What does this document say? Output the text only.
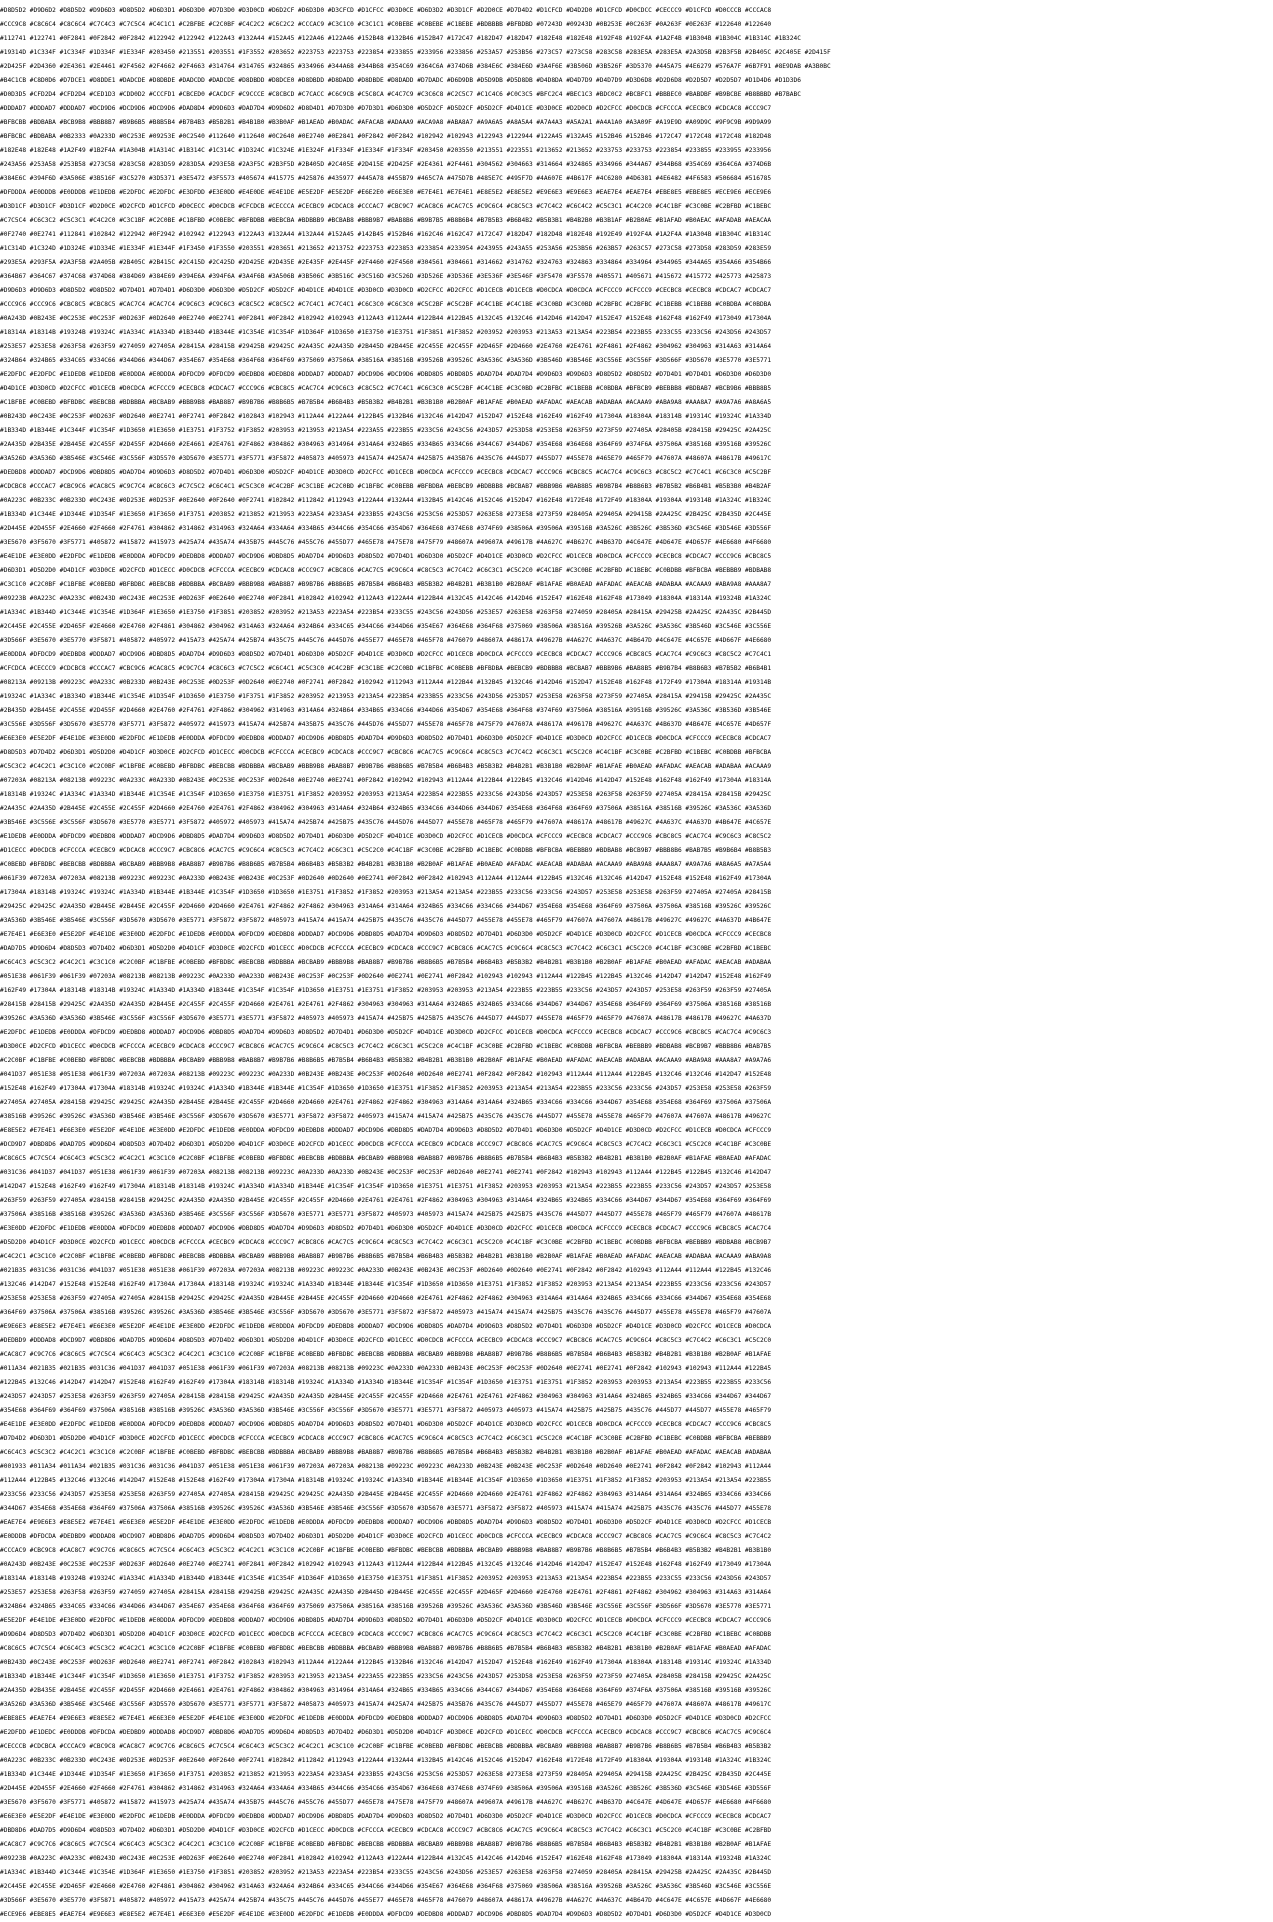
#D8D5D2 #D9D6D2 #D8D5D2 #D9D6D3 #D8D5D2 #D6D3D1 #D6D3D0 #D7D3D0 #D3D0CD #D6D2CF #D6D3D0 #D3CFCD #D1CFCC #D3D0CE #D6D3D2 #D3D1CF #D2D0CE #D7D4D2 #D1CFCD #D4D2D0 #D1CFCD #D0CDCC #CECCC9 #D1CFCD #D0CCCB #CCCAC8
#CCC9C8 #C8C6C4 #C8C6C4 #C7C4C3 #C7C5C4 #C4C1C1 #C2BFBE #C2C0BF #C4C2C2 #C6C2C2 #CCCAC9 #C3C1C0 #C3C1C1 #C0BEBE #C0BEBE #C1BEBE #BDBBBB #BFBDBD #07243D #09243D #0B253E #0C263F #0A263F #0E263F #122640 #122640
#112741 #122741 #0F2841 #0F2842 #0F2842 #122942 #122942 #122A43 #132A44 #152A45 #122A46 #122A46 #152B48 #132B46 #152B47 #172C47 #182D47 #182D47 #182E48 #182E48 #192F48 #192F4A #1A2F4B #1B304B #1B304C #1B314C #1B324C
#19314D #1C334F #1C334F #1D334F #1E334F #203450 #213551 #203551 #1F3552 #203652 #223753 #223753 #223854 #233855 #233956 #233856 #253A57 #253B56 #273C57 #273C58 #283C58 #283E5A #283E5A #2A3D5B #2B3F5B #2B405C #2C405E #2D415F
#2D425F #2D4360 #2E4361 #2E4461 #2F4562 #2F4662 #2F4663 #314764 #314765 #324865 #334966 #344A68 #344B68 #354C69 #364C6A #374D6B #384E6C #384E6D #3A4F6E #3B506D #3B526F #3D5370 #445A75 #4E6279 #576A7F #6B7F91 #8E9DAB #A3B0BC
#B4C1CB #C8D0D6 #D7DCE1 #D8DDE1 #DADCDE #D8DBDE #DADCDD #DADCDE #D8DBDD #D8DCE0 #D8DBDD #D8DADD #D8DBDE #D8DADD #D7DADC #D6D9DB #D5D9DB #D5D8DB #D4D8DA #D4D7D9 #D4D7D9 #D3D6D8 #D2D6D8 #D2D5D7 #D2D5D7 #D1D4D6 #D1D3D6
#D0D3D5 #CFD2D4 #CFD2D4 #CED1D3 #CDD0D2 #CCCFD1 #CBCED0 #CACDCF #C9CCCE #C8CBCD #C7CACC #C6C9CB #C5C8CA #C4C7C9 #C3C6C8 #C2C5C7 #C1C4C6 #C0C3C5 #BFC2C4 #BEC1C3 #BDC0C2 #BCBFC1 #BBBEC0 #BABDBF #B9BCBE #B8BBBD #B7BABC
#DDDAD7 #DDDAD7 #DDDAD7 #DCD9D6 #DCD9D6 #DCD9D6 #DAD8D4 #D9D6D3 #DAD7D4 #D9D6D2 #D8D4D1 #D7D3D0 #D7D3D1 #D6D3D0 #D5D2CF #D5D2CF #D5D2CF #D4D1CE #D3D0CE #D2D0CD #D2CFCC #D0CDCB #CFCCCA #CECBC9 #CDCAC8 #CCC9C7
#BFBCBB #BDBABA #BCB9B8 #BBB8B7 #B9B6B5 #B8B5B4 #B7B4B3 #B5B2B1 #B4B1B0 #B3B0AF #B1AEAD #B0ADAC #AFACAB #ADAAA9 #ACA9A8 #ABA8A7 #A9A6A5 #A8A5A4 #A7A4A3 #A5A2A1 #A4A1A0 #A3A09F #A19E9D #A09D9C #9F9C9B #9D9A99
#BFBCBC #BDBABA #0B2333 #0A233D #0C253E #09253E #0C2540 #112640 #112640 #0C2640 #0E2740 #0E2841 #0F2842 #0F2842 #102942 #102943 #122943 #122944 #122A45 #132A45 #152B46 #152B46 #172C47 #172C48 #172C48 #182D48
#182E48 #182E48 #1A2F49 #1B2F4A #1A304B #1A314C #1B314C #1C314C #1D324C #1C324E #1E324F #1F334F #1E334F #1F334F #203450 #203550 #213551 #223551 #213652 #213652 #233753 #233753 #223854 #233855 #233955 #233956
#243A56 #253A58 #253B58 #273C58 #283C58 #283D59 #283D5A #293E5B #2A3F5C #2B3F5D #2B405D #2C405E #2D415E #2D425F #2E4361 #2F4461 #304562 #304663 #314664 #324865 #334966 #344A67 #344B68 #354C69 #364C6A #374D6B
#384E6C #394F6D #3A506E #3B516F #3C5270 #3D5371 #3E5472 #3F5573 #405674 #415775 #425876 #435977 #445A78 #455B79 #465C7A #475D7B #485E7C #495F7D #4A607E #4B617F #4C6280 #4D6381 #4E6482 #4F6583 #506684 #516785
#DFDDDA #E0DDDB #E0DDDB #E1DEDB #E2DFDC #E2DFDC #E3DFDD #E3E0DD #E4E0DE #E4E1DE #E5E2DF #E5E2DF #E6E2E0 #E6E3E0 #E7E4E1 #E7E4E1 #E8E5E2 #E8E5E2 #E9E6E3 #E9E6E3 #EAE7E4 #EAE7E4 #EBE8E5 #EBE8E5 #ECE9E6 #ECE9E6
#D3D1CF #D3D1CF #D3D1CF #D2D0CE #D2CFCD #D1CFCD #D0CECC #D0CDCB #CFCDCB #CECCCA #CECBC9 #CDCAC8 #CCCAC7 #CBC9C7 #CAC8C6 #CAC7C5 #C9C6C4 #C8C5C3 #C7C4C2 #C6C4C2 #C5C3C1 #C4C2C0 #C4C1BF #C3C0BE #C2BFBD #C1BEBC
#C7C5C4 #C6C3C2 #C5C3C1 #C4C2C0 #C3C1BF #C2C0BE #C1BFBD #C0BEBC #BFBDBB #BEBCBA #BDBBB9 #BCBAB8 #BBB9B7 #BAB8B6 #B9B7B5 #B8B6B4 #B7B5B3 #B6B4B2 #B5B3B1 #B4B2B0 #B3B1AF #B2B0AE #B1AFAD #B0AEAC #AFADAB #AEACAA
#0F2740 #0E2741 #112841 #102842 #122942 #0F2942 #102942 #122943 #122A43 #132A44 #132A44 #152A45 #142B45 #152B46 #162C46 #162C47 #172C47 #182D47 #182D48 #182E48 #192E49 #192F4A #1A2F4A #1A304B #1B304C #1B314C
#1C314D #1C324D #1D324E #1D334E #1E334F #1E344F #1F3450 #1F3550 #203551 #203651 #213652 #213752 #223753 #223853 #233854 #233954 #243955 #243A55 #253A56 #253B56 #263B57 #263C57 #273C58 #273D58 #283D59 #283E59
#293E5A #293F5A #2A3F5B #2A405B #2B405C #2B415C #2C415D #2C425D #2D425E #2D435E #2E435F #2E445F #2F4460 #2F4560 #304561 #304661 #314662 #314762 #324763 #324863 #334864 #334964 #344965 #344A65 #354A66 #354B66
#364B67 #364C67 #374C68 #374D68 #384D69 #384E69 #394E6A #394F6A #3A4F6B #3A506B #3B506C #3B516C #3C516D #3C526D #3D526E #3D536E #3E536F #3E546F #3F5470 #3F5570 #405571 #405671 #415672 #415772 #425773 #425873
#D9D6D3 #D9D6D3 #D8D5D2 #D8D5D2 #D7D4D1 #D7D4D1 #D6D3D0 #D6D3D0 #D5D2CF #D5D2CF #D4D1CE #D4D1CE #D3D0CD #D3D0CD #D2CFCC #D2CFCC #D1CECB #D1CECB #D0CDCA #D0CDCA #CFCCC9 #CFCCC9 #CECBC8 #CECBC8 #CDCAC7 #CDCAC7
#CCC9C6 #CCC9C6 #CBC8C5 #CBC8C5 #CAC7C4 #CAC7C4 #C9C6C3 #C9C6C3 #C8C5C2 #C8C5C2 #C7C4C1 #C7C4C1 #C6C3C0 #C6C3C0 #C5C2BF #C5C2BF #C4C1BE #C4C1BE #C3C0BD #C3C0BD #C2BFBC #C2BFBC #C1BEBB #C1BEBB #C0BDBA #C0BDBA
#0A243D #0B243E #0C253E #0C253F #0D263F #0D2640 #0E2740 #0E2741 #0F2841 #0F2842 #102942 #102943 #112A43 #112A44 #122B44 #122B45 #132C45 #132C46 #142D46 #142D47 #152E47 #152E48 #162F48 #162F49 #173049 #17304A
#18314A #18314B #19324B #19324C #1A334C #1A334D #1B344D #1B344E #1C354E #1C354F #1D364F #1D3650 #1E3750 #1E3751 #1F3851 #1F3852 #203952 #203953 #213A53 #213A54 #223B54 #223B55 #233C55 #233C56 #243D56 #243D57
#253E57 #253E58 #263F58 #263F59 #274059 #27405A #28415A #28415B #29425B #29425C #2A435C #2A435D #2B445D #2B445E #2C455E #2C455F #2D465F #2D4660 #2E4760 #2E4761 #2F4861 #2F4862 #304962 #304963 #314A63 #314A64
#324B64 #324B65 #334C65 #334C66 #344D66 #344D67 #354E67 #354E68 #364F68 #364F69 #375069 #37506A #38516A #38516B #39526B #39526C #3A536C #3A536D #3B546D #3B546E #3C556E #3C556F #3D566F #3D5670 #3E5770 #3E5771
#E2DFDC #E2DFDC #E1DEDB #E1DEDB #E0DDDA #E0DDDA #DFDCD9 #DFDCD9 #DEDBD8 #DEDBD8 #DDDAD7 #DDDAD7 #DCD9D6 #DCD9D6 #DBD8D5 #DBD8D5 #DAD7D4 #DAD7D4 #D9D6D3 #D9D6D3 #D8D5D2 #D8D5D2 #D7D4D1 #D7D4D1 #D6D3D0 #D6D3D0
#D4D1CE #D3D0CD #D2CFCC #D1CECB #D0CDCA #CFCCC9 #CECBC8 #CDCAC7 #CCC9C6 #CBC8C5 #CAC7C4 #C9C6C3 #C8C5C2 #C7C4C1 #C6C3C0 #C5C2BF #C4C1BE #C3C0BD #C2BFBC #C1BEBB #C0BDBA #BFBCB9 #BEBBB8 #BDBAB7 #BCB9B6 #BBB8B5
#C1BFBE #C0BEBD #BFBDBC #BEBCBB #BDBBBA #BCBAB9 #BBB9B8 #BAB8B7 #B9B7B6 #B8B6B5 #B7B5B4 #B6B4B3 #B5B3B2 #B4B2B1 #B3B1B0 #B2B0AF #B1AFAE #B0AEAD #AFADAC #AEACAB #ADABAA #ACAAA9 #ABA9A8 #AAA8A7 #A9A7A6 #A8A6A5
#0B243D #0C243E #0C253F #0D263F #0D2640 #0E2741 #0F2741 #0F2842 #102843 #102943 #112A44 #122A44 #122B45 #132B46 #132C46 #142D47 #152D47 #152E48 #162E49 #162F49 #17304A #18304A #18314B #19314C #19324C #1A334D
#1B334D #1B344E #1C344F #1C354F #1D3650 #1E3650 #1E3751 #1F3752 #1F3852 #203953 #213953 #213A54 #223A55 #223B55 #233C56 #243C56 #243D57 #253D58 #253E58 #263F59 #273F59 #27405A #28405B #28415B #29425C #2A425C
#2A435D #2B435E #2B445E #2C455F #2D455F #2D4660 #2E4661 #2E4761 #2F4862 #304862 #304963 #314964 #314A64 #324B65 #334B65 #334C66 #344C67 #344D67 #354E68 #364E68 #364F69 #374F6A #37506A #38516B #39516B #39526C
#3A526D #3A536D #3B546E #3C546E #3C556F #3D5570 #3D5670 #3E5771 #3F5771 #3F5872 #405873 #405973 #415A74 #425A74 #425B75 #435B76 #435C76 #445D77 #455D77 #455E78 #465E79 #465F79 #47607A #48607A #48617B #49617C
#DEDBD8 #DDDAD7 #DCD9D6 #DBD8D5 #DAD7D4 #D9D6D3 #D8D5D2 #D7D4D1 #D6D3D0 #D5D2CF #D4D1CE #D3D0CD #D2CFCC #D1CECB #D0CDCA #CFCCC9 #CECBC8 #CDCAC7 #CCC9C6 #CBC8C5 #CAC7C4 #C9C6C3 #C8C5C2 #C7C4C1 #C6C3C0 #C5C2BF
#CDCBC8 #CCCAC7 #CBC9C6 #CAC8C5 #C9C7C4 #C8C6C3 #C7C5C2 #C6C4C1 #C5C3C0 #C4C2BF #C3C1BE #C2C0BD #C1BFBC #C0BEBB #BFBDBA #BEBCB9 #BDBBB8 #BCBAB7 #BBB9B6 #BAB8B5 #B9B7B4 #B8B6B3 #B7B5B2 #B6B4B1 #B5B3B0 #B4B2AF
#0A223C #0B233C #0B233D #0C243E #0D253E #0D253F #0E2640 #0F2640 #0F2741 #102842 #112842 #112943 #122A44 #132A44 #132B45 #142C46 #152C46 #152D47 #162E48 #172E48 #172F49 #18304A #19304A #19314B #1A324C #1B324C
#1B334D #1C344E #1D344E #1D354F #1E3650 #1F3650 #1F3751 #203852 #213852 #213953 #223A54 #233A54 #233B55 #243C56 #253C56 #253D57 #263E58 #273E58 #273F59 #28405A #29405A #29415B #2A425C #2B425C #2B435D #2C445E
#2D445E #2D455F #2E4660 #2F4660 #2F4761 #304862 #314862 #314963 #324A64 #334A64 #334B65 #344C66 #354C66 #354D67 #364E68 #374E68 #374F69 #38506A #39506A #39516B #3A526C #3B526C #3B536D #3C546E #3D546E #3D556F
#3E5670 #3F5670 #3F5771 #405872 #415872 #415973 #425A74 #435A74 #435B75 #445C76 #455C76 #455D77 #465E78 #475E78 #475F79 #48607A #49607A #49617B #4A627C #4B627C #4B637D #4C647E #4D647E #4D657F #4E6680 #4F6680
#E4E1DE #E3E0DD #E2DFDC #E1DEDB #E0DDDA #DFDCD9 #DEDBD8 #DDDAD7 #DCD9D6 #DBD8D5 #DAD7D4 #D9D6D3 #D8D5D2 #D7D4D1 #D6D3D0 #D5D2CF #D4D1CE #D3D0CD #D2CFCC #D1CECB #D0CDCA #CFCCC9 #CECBC8 #CDCAC7 #CCC9C6 #CBC8C5
#D6D3D1 #D5D2D0 #D4D1CF #D3D0CE #D2CFCD #D1CECC #D0CDCB #CFCCCA #CECBC9 #CDCAC8 #CCC9C7 #CBC8C6 #CAC7C5 #C9C6C4 #C8C5C3 #C7C4C2 #C6C3C1 #C5C2C0 #C4C1BF #C3C0BE #C2BFBD #C1BEBC #C0BDBB #BFBCBA #BEBBB9 #BDBAB8
#C3C1C0 #C2C0BF #C1BFBE #C0BEBD #BFBDBC #BEBCBB #BDBBBA #BCBAB9 #BBB9B8 #BAB8B7 #B9B7B6 #B8B6B5 #B7B5B4 #B6B4B3 #B5B3B2 #B4B2B1 #B3B1B0 #B2B0AF #B1AFAE #B0AEAD #AFADAC #AEACAB #ADABAA #ACAAA9 #ABA9A8 #AAA8A7
#09223B #0A223C #0A233C #0B243D #0C243E #0C253E #0D263F #0E2640 #0E2740 #0F2841 #102842 #102942 #112A43 #122A44 #122B44 #132C45 #142C46 #142D46 #152E47 #162E48 #162F48 #173049 #18304A #18314A #19324B #1A324C
#1A334C #1B344D #1C344E #1C354E #1D364F #1E3650 #1E3750 #1F3851 #203852 #203952 #213A53 #223A54 #223B54 #233C55 #243C56 #243D56 #253E57 #263E58 #263F58 #274059 #28405A #28415A #29425B #2A425C #2A435C #2B445D
#2C445E #2C455E #2D465F #2E4660 #2E4760 #2F4861 #304862 #304962 #314A63 #324A64 #324B64 #334C65 #344C66 #344D66 #354E67 #364E68 #364F68 #375069 #38506A #38516A #39526B #3A526C #3A536C #3B546D #3C546E #3C556E
#3D566F #3E5670 #3E5770 #3F5871 #405872 #405972 #415A73 #425A74 #425B74 #435C75 #445C76 #445D76 #455E77 #465E78 #465F78 #476079 #48607A #48617A #49627B #4A627C #4A637C #4B647D #4C647E #4C657E #4D667F #4E6680
#E0DDDA #DFDCD9 #DEDBD8 #DDDAD7 #DCD9D6 #DBD8D5 #DAD7D4 #D9D6D3 #D8D5D2 #D7D4D1 #D6D3D0 #D5D2CF #D4D1CE #D3D0CD #D2CFCC #D1CECB #D0CDCA #CFCCC9 #CECBC8 #CDCAC7 #CCC9C6 #CBC8C5 #CAC7C4 #C9C6C3 #C8C5C2 #C7C4C1
#CFCDCA #CECCC9 #CDCBC8 #CCCAC7 #CBC9C6 #CAC8C5 #C9C7C4 #C8C6C3 #C7C5C2 #C6C4C1 #C5C3C0 #C4C2BF #C3C1BE #C2C0BD #C1BFBC #C0BEBB #BFBDBA #BEBCB9 #BDBBB8 #BCBAB7 #BBB9B6 #BAB8B5 #B9B7B4 #B8B6B3 #B7B5B2 #B6B4B1
#08213A #09213B #09223C #0A233C #0B233D #0B243E #0C253E #0D253F #0D2640 #0E2740 #0F2741 #0F2842 #102942 #112943 #112A44 #122B44 #132B45 #132C46 #142D46 #152D47 #152E48 #162F48 #172F49 #17304A #18314A #19314B
#19324C #1A334C #1B334D #1B344E #1C354E #1D354F #1D3650 #1E3750 #1F3751 #1F3852 #203952 #213953 #213A54 #223B54 #233B55 #233C56 #243D56 #253D57 #253E58 #263F58 #273F59 #27405A #28415A #29415B #29425C #2A435C
#2B435D #2B445E #2C455E #2D455F #2D4660 #2E4760 #2F4761 #2F4862 #304962 #314963 #314A64 #324B64 #334B65 #334C66 #344D66 #354D67 #354E68 #364F68 #374F69 #37506A #38516A #39516B #39526C #3A536C #3B536D #3B546E
#3C556E #3D556F #3D5670 #3E5770 #3F5771 #3F5872 #405972 #415973 #415A74 #425B74 #435B75 #435C76 #445D76 #455D77 #455E78 #465F78 #475F79 #47607A #48617A #49617B #49627C #4A637C #4B637D #4B647E #4C657E #4D657F
#E6E3E0 #E5E2DF #E4E1DE #E3E0DD #E2DFDC #E1DEDB #E0DDDA #DFDCD9 #DEDBD8 #DDDAD7 #DCD9D6 #DBD8D5 #DAD7D4 #D9D6D3 #D8D5D2 #D7D4D1 #D6D3D0 #D5D2CF #D4D1CE #D3D0CD #D2CFCC #D1CECB #D0CDCA #CFCCC9 #CECBC8 #CDCAC7
#D8D5D3 #D7D4D2 #D6D3D1 #D5D2D0 #D4D1CF #D3D0CE #D2CFCD #D1CECC #D0CDCB #CFCCCA #CECBC9 #CDCAC8 #CCC9C7 #CBC8C6 #CAC7C5 #C9C6C4 #C8C5C3 #C7C4C2 #C6C3C1 #C5C2C0 #C4C1BF #C3C0BE #C2BFBD #C1BEBC #C0BDBB #BFBCBA
#C5C3C2 #C4C2C1 #C3C1C0 #C2C0BF #C1BFBE #C0BEBD #BFBDBC #BEBCBB #BDBBBA #BCBAB9 #BBB9B8 #BAB8B7 #B9B7B6 #B8B6B5 #B7B5B4 #B6B4B3 #B5B3B2 #B4B2B1 #B3B1B0 #B2B0AF #B1AFAE #B0AEAD #AFADAC #AEACAB #ADABAA #ACAAA9
#07203A #08213A #08213B #09223C #0A233C #0A233D #0B243E #0C253E #0C253F #0D2640 #0E2740 #0E2741 #0F2842 #102942 #102943 #112A44 #122B44 #122B45 #132C46 #142D46 #142D47 #152E48 #162F48 #162F49 #17304A #18314A
#18314B #19324C #1A334C #1A334D #1B344E #1C354E #1C354F #1D3650 #1E3750 #1E3751 #1F3852 #203952 #203953 #213A54 #223B54 #223B55 #233C56 #243D56 #243D57 #253E58 #263F58 #263F59 #27405A #28415A #28415B #29425C
#2A435C #2A435D #2B445E #2C455E #2C455F #2D4660 #2E4760 #2E4761 #2F4862 #304962 #304963 #314A64 #324B64 #324B65 #334C66 #344D66 #344D67 #354E68 #364F68 #364F69 #37506A #38516A #38516B #39526C #3A536C #3A536D
#3B546E #3C556E #3C556F #3D5670 #3E5770 #3E5771 #3F5872 #405972 #405973 #415A74 #425B74 #425B75 #435C76 #445D76 #445D77 #455E78 #465F78 #465F79 #47607A #48617A #48617B #49627C #4A637C #4A637D #4B647E #4C657E
#E1DEDB #E0DDDA #DFDCD9 #DEDBD8 #DDDAD7 #DCD9D6 #DBD8D5 #DAD7D4 #D9D6D3 #D8D5D2 #D7D4D1 #D6D3D0 #D5D2CF #D4D1CE #D3D0CD #D2CFCC #D1CECB #D0CDCA #CFCCC9 #CECBC8 #CDCAC7 #CCC9C6 #CBC8C5 #CAC7C4 #C9C6C3 #C8C5C2
#D1CECC #D0CDCB #CFCCCA #CECBC9 #CDCAC8 #CCC9C7 #CBC8C6 #CAC7C5 #C9C6C4 #C8C5C3 #C7C4C2 #C6C3C1 #C5C2C0 #C4C1BF #C3C0BE #C2BFBD #C1BEBC #C0BDBB #BFBCBA #BEBBB9 #BDBAB8 #BCB9B7 #BBB8B6 #BAB7B5 #B9B6B4 #B8B5B3
#C0BEBD #BFBDBC #BEBCBB #BDBBBA #BCBAB9 #BBB9B8 #BAB8B7 #B9B7B6 #B8B6B5 #B7B5B4 #B6B4B3 #B5B3B2 #B4B2B1 #B3B1B0 #B2B0AF #B1AFAE #B0AEAD #AFADAC #AEACAB #ADABAA #ACAAA9 #ABA9A8 #AAA8A7 #A9A7A6 #A8A6A5 #A7A5A4
#061F39 #07203A #07203A #08213B #09223C #09223C #0A233D #0B243E #0B243E #0C253F #0D2640 #0D2640 #0E2741 #0F2842 #0F2842 #102943 #112A44 #112A44 #122B45 #132C46 #132C46 #142D47 #152E48 #152E48 #162F49 #17304A
#17304A #18314B #19324C #19324C #1A334D #1B344E #1B344E #1C354F #1D3650 #1D3650 #1E3751 #1F3852 #1F3852 #203953 #213A54 #213A54 #223B55 #233C56 #233C56 #243D57 #253E58 #253E58 #263F59 #27405A #27405A #28415B
#29425C #29425C #2A435D #2B445E #2B445E #2C455F #2D4660 #2D4660 #2E4761 #2F4862 #2F4862 #304963 #314A64 #314A64 #324B65 #334C66 #334C66 #344D67 #354E68 #354E68 #364F69 #37506A #37506A #38516B #39526C #39526C
#3A536D #3B546E #3B546E #3C556F #3D5670 #3D5670 #3E5771 #3F5872 #3F5872 #405973 #415A74 #415A74 #425B75 #435C76 #435C76 #445D77 #455E78 #455E78 #465F79 #47607A #47607A #48617B #49627C #49627C #4A637D #4B647E
#E7E4E1 #E6E3E0 #E5E2DF #E4E1DE #E3E0DD #E2DFDC #E1DEDB #E0DDDA #DFDCD9 #DEDBD8 #DDDAD7 #DCD9D6 #DBD8D5 #DAD7D4 #D9D6D3 #D8D5D2 #D7D4D1 #D6D3D0 #D5D2CF #D4D1CE #D3D0CD #D2CFCC #D1CECB #D0CDCA #CFCCC9 #CECBC8
#DAD7D5 #D9D6D4 #D8D5D3 #D7D4D2 #D6D3D1 #D5D2D0 #D4D1CF #D3D0CE #D2CFCD #D1CECC #D0CDCB #CFCCCA #CECBC9 #CDCAC8 #CCC9C7 #CBC8C6 #CAC7C5 #C9C6C4 #C8C5C3 #C7C4C2 #C6C3C1 #C5C2C0 #C4C1BF #C3C0BE #C2BFBD #C1BEBC
#C6C4C3 #C5C3C2 #C4C2C1 #C3C1C0 #C2C0BF #C1BFBE #C0BEBD #BFBDBC #BEBCBB #BDBBBA #BCBAB9 #BBB9B8 #BAB8B7 #B9B7B6 #B8B6B5 #B7B5B4 #B6B4B3 #B5B3B2 #B4B2B1 #B3B1B0 #B2B0AF #B1AFAE #B0AEAD #AFADAC #AEACAB #ADABAA
#051E38 #061F39 #061F39 #07203A #08213B #08213B #09223C #0A233D #0A233D #0B243E #0C253F #0C253F #0D2640 #0E2741 #0E2741 #0F2842 #102943 #102943 #112A44 #122B45 #122B45 #132C46 #142D47 #142D47 #152E48 #162F49
#162F49 #17304A #18314B #18314B #19324C #1A334D #1A334D #1B344E #1C354F #1C354F #1D3650 #1E3751 #1E3751 #1F3852 #203953 #203953 #213A54 #223B55 #223B55 #233C56 #243D57 #243D57 #253E58 #263F59 #263F59 #27405A
#28415B #28415B #29425C #2A435D #2A435D #2B445E #2C455F #2C455F #2D4660 #2E4761 #2E4761 #2F4862 #304963 #304963 #314A64 #324B65 #324B65 #334C66 #344D67 #344D67 #354E68 #364F69 #364F69 #37506A #38516B #38516B
#39526C #3A536D #3A536D #3B546E #3C556F #3C556F #3D5670 #3E5771 #3E5771 #3F5872 #405973 #405973 #415A74 #425B75 #425B75 #435C76 #445D77 #445D77 #455E78 #465F79 #465F79 #47607A #48617B #48617B #49627C #4A637D
#E2DFDC #E1DEDB #E0DDDA #DFDCD9 #DEDBD8 #DDDAD7 #DCD9D6 #DBD8D5 #DAD7D4 #D9D6D3 #D8D5D2 #D7D4D1 #D6D3D0 #D5D2CF #D4D1CE #D3D0CD #D2CFCC #D1CECB #D0CDCA #CFCCC9 #CECBC8 #CDCAC7 #CCC9C6 #CBC8C5 #CAC7C4 #C9C6C3
#D3D0CE #D2CFCD #D1CECC #D0CDCB #CFCCCA #CECBC9 #CDCAC8 #CCC9C7 #CBC8C6 #CAC7C5 #C9C6C4 #C8C5C3 #C7C4C2 #C6C3C1 #C5C2C0 #C4C1BF #C3C0BE #C2BFBD #C1BEBC #C0BDBB #BFBCBA #BEBBB9 #BDBAB8 #BCB9B7 #BBB8B6 #BAB7B5
#C2C0BF #C1BFBE #C0BEBD #BFBDBC #BEBCBB #BDBBBA #BCBAB9 #BBB9B8 #BAB8B7 #B9B7B6 #B8B6B5 #B7B5B4 #B6B4B3 #B5B3B2 #B4B2B1 #B3B1B0 #B2B0AF #B1AFAE #B0AEAD #AFADAC #AEACAB #ADABAA #ACAAA9 #ABA9A8 #AAA8A7 #A9A7A6
#041D37 #051E38 #051E38 #061F39 #07203A #07203A #08213B #09223C #09223C #0A233D #0B243E #0B243E #0C253F #0D2640 #0D2640 #0E2741 #0F2842 #0F2842 #102943 #112A44 #112A44 #122B45 #132C46 #132C46 #142D47 #152E48
#152E48 #162F49 #17304A #17304A #18314B #19324C #19324C #1A334D #1B344E #1B344E #1C354F #1D3650 #1D3650 #1E3751 #1F3852 #1F3852 #203953 #213A54 #213A54 #223B55 #233C56 #233C56 #243D57 #253E58 #253E58 #263F59
#27405A #27405A #28415B #29425C #29425C #2A435D #2B445E #2B445E #2C455F #2D4660 #2D4660 #2E4761 #2F4862 #2F4862 #304963 #314A64 #314A64 #324B65 #334C66 #334C66 #344D67 #354E68 #354E68 #364F69 #37506A #37506A
#38516B #39526C #39526C #3A536D #3B546E #3B546E #3C556F #3D5670 #3D5670 #3E5771 #3F5872 #3F5872 #405973 #415A74 #415A74 #425B75 #435C76 #435C76 #445D77 #455E78 #455E78 #465F79 #47607A #47607A #48617B #49627C
#E8E5E2 #E7E4E1 #E6E3E0 #E5E2DF #E4E1DE #E3E0DD #E2DFDC #E1DEDB #E0DDDA #DFDCD9 #DEDBD8 #DDDAD7 #DCD9D6 #DBD8D5 #DAD7D4 #D9D6D3 #D8D5D2 #D7D4D1 #D6D3D0 #D5D2CF #D4D1CE #D3D0CD #D2CFCC #D1CECB #D0CDCA #CFCCC9
#DCD9D7 #DBD8D6 #DAD7D5 #D9D6D4 #D8D5D3 #D7D4D2 #D6D3D1 #D5D2D0 #D4D1CF #D3D0CE #D2CFCD #D1CECC #D0CDCB #CFCCCA #CECBC9 #CDCAC8 #CCC9C7 #CBC8C6 #CAC7C5 #C9C6C4 #C8C5C3 #C7C4C2 #C6C3C1 #C5C2C0 #C4C1BF #C3C0BE
#C8C6C5 #C7C5C4 #C6C4C3 #C5C3C2 #C4C2C1 #C3C1C0 #C2C0BF #C1BFBE #C0BEBD #BFBDBC #BEBCBB #BDBBBA #BCBAB9 #BBB9B8 #BAB8B7 #B9B7B6 #B8B6B5 #B7B5B4 #B6B4B3 #B5B3B2 #B4B2B1 #B3B1B0 #B2B0AF #B1AFAE #B0AEAD #AFADAC
#031C36 #041D37 #041D37 #051E38 #061F39 #061F39 #07203A #08213B #08213B #09223C #0A233D #0A233D #0B243E #0C253F #0C253F #0D2640 #0E2741 #0E2741 #0F2842 #102943 #102943 #112A44 #122B45 #122B45 #132C46 #142D47
#142D47 #152E48 #162F49 #162F49 #17304A #18314B #18314B #19324C #1A334D #1A334D #1B344E #1C354F #1C354F #1D3650 #1E3751 #1E3751 #1F3852 #203953 #203953 #213A54 #223B55 #223B55 #233C56 #243D57 #243D57 #253E58
#263F59 #263F59 #27405A #28415B #28415B #29425C #2A435D #2A435D #2B445E #2C455F #2C455F #2D4660 #2E4761 #2E4761 #2F4862 #304963 #304963 #314A64 #324B65 #324B65 #334C66 #344D67 #344D67 #354E68 #364F69 #364F69
#37506A #38516B #38516B #39526C #3A536D #3A536D #3B546E #3C556F #3C556F #3D5670 #3E5771 #3E5771 #3F5872 #405973 #405973 #415A74 #425B75 #425B75 #435C76 #445D77 #445D77 #455E78 #465F79 #465F79 #47607A #48617B
#E3E0DD #E2DFDC #E1DEDB #E0DDDA #DFDCD9 #DEDBD8 #DDDAD7 #DCD9D6 #DBD8D5 #DAD7D4 #D9D6D3 #D8D5D2 #D7D4D1 #D6D3D0 #D5D2CF #D4D1CE #D3D0CD #D2CFCC #D1CECB #D0CDCA #CFCCC9 #CECBC8 #CDCAC7 #CCC9C6 #CBC8C5 #CAC7C4
#D5D2D0 #D4D1CF #D3D0CE #D2CFCD #D1CECC #D0CDCB #CFCCCA #CECBC9 #CDCAC8 #CCC9C7 #CBC8C6 #CAC7C5 #C9C6C4 #C8C5C3 #C7C4C2 #C6C3C1 #C5C2C0 #C4C1BF #C3C0BE #C2BFBD #C1BEBC #C0BDBB #BFBCBA #BEBBB9 #BDBAB8 #BCB9B7
#C4C2C1 #C3C1C0 #C2C0BF #C1BFBE #C0BEBD #BFBDBC #BEBCBB #BDBBBA #BCBAB9 #BBB9B8 #BAB8B7 #B9B7B6 #B8B6B5 #B7B5B4 #B6B4B3 #B5B3B2 #B4B2B1 #B3B1B0 #B2B0AF #B1AFAE #B0AEAD #AFADAC #AEACAB #ADABAA #ACAAA9 #ABA9A8
#021B35 #031C36 #031C36 #041D37 #051E38 #051E38 #061F39 #07203A #07203A #08213B #09223C #09223C #0A233D #0B243E #0B243E #0C253F #0D2640 #0D2640 #0E2741 #0F2842 #0F2842 #102943 #112A44 #112A44 #122B45 #132C46
#132C46 #142D47 #152E48 #152E48 #162F49 #17304A #17304A #18314B #19324C #19324C #1A334D #1B344E #1B344E #1C354F #1D3650 #1D3650 #1E3751 #1F3852 #1F3852 #203953 #213A54 #213A54 #223B55 #233C56 #233C56 #243D57
#253E58 #253E58 #263F59 #27405A #27405A #28415B #29425C #29425C #2A435D #2B445E #2B445E #2C455F #2D4660 #2D4660 #2E4761 #2F4862 #2F4862 #304963 #314A64 #314A64 #324B65 #334C66 #334C66 #344D67 #354E68 #354E68
#364F69 #37506A #37506A #38516B #39526C #39526C #3A536D #3B546E #3B546E #3C556F #3D5670 #3D5670 #3E5771 #3F5872 #3F5872 #405973 #415A74 #415A74 #425B75 #435C76 #435C76 #445D77 #455E78 #455E78 #465F79 #47607A
#E9E6E3 #E8E5E2 #E7E4E1 #E6E3E0 #E5E2DF #E4E1DE #E3E0DD #E2DFDC #E1DEDB #E0DDDA #DFDCD9 #DEDBD8 #DDDAD7 #DCD9D6 #DBD8D5 #DAD7D4 #D9D6D3 #D8D5D2 #D7D4D1 #D6D3D0 #D5D2CF #D4D1CE #D3D0CD #D2CFCC #D1CECB #D0CDCA
#DEDBD9 #DDDAD8 #DCD9D7 #DBD8D6 #DAD7D5 #D9D6D4 #D8D5D3 #D7D4D2 #D6D3D1 #D5D2D0 #D4D1CF #D3D0CE #D2CFCD #D1CECC #D0CDCB #CFCCCA #CECBC9 #CDCAC8 #CCC9C7 #CBC8C6 #CAC7C5 #C9C6C4 #C8C5C3 #C7C4C2 #C6C3C1 #C5C2C0
#CAC8C7 #C9C7C6 #C8C6C5 #C7C5C4 #C6C4C3 #C5C3C2 #C4C2C1 #C3C1C0 #C2C0BF #C1BFBE #C0BEBD #BFBDBC #BEBCBB #BDBBBA #BCBAB9 #BBB9B8 #BAB8B7 #B9B7B6 #B8B6B5 #B7B5B4 #B6B4B3 #B5B3B2 #B4B2B1 #B3B1B0 #B2B0AF #B1AFAE
#011A34 #021B35 #021B35 #031C36 #041D37 #041D37 #051E38 #061F39 #061F39 #07203A #08213B #08213B #09223C #0A233D #0A233D #0B243E #0C253F #0C253F #0D2640 #0E2741 #0E2741 #0F2842 #102943 #102943 #112A44 #122B45
#122B45 #132C46 #142D47 #142D47 #152E48 #162F49 #162F49 #17304A #18314B #18314B #19324C #1A334D #1A334D #1B344E #1C354F #1C354F #1D3650 #1E3751 #1E3751 #1F3852 #203953 #203953 #213A54 #223B55 #223B55 #233C56
#243D57 #243D57 #253E58 #263F59 #263F59 #27405A #28415B #28415B #29425C #2A435D #2A435D #2B445E #2C455F #2C455F #2D4660 #2E4761 #2E4761 #2F4862 #304963 #304963 #314A64 #324B65 #324B65 #334C66 #344D67 #344D67
#354E68 #364F69 #364F69 #37506A #38516B #38516B #39526C #3A536D #3A536D #3B546E #3C556F #3C556F #3D5670 #3E5771 #3E5771 #3F5872 #405973 #405973 #415A74 #425B75 #425B75 #435C76 #445D77 #445D77 #455E78 #465F79
#E4E1DE #E3E0DD #E2DFDC #E1DEDB #E0DDDA #DFDCD9 #DEDBD8 #DDDAD7 #DCD9D6 #DBD8D5 #DAD7D4 #D9D6D3 #D8D5D2 #D7D4D1 #D6D3D0 #D5D2CF #D4D1CE #D3D0CD #D2CFCC #D1CECB #D0CDCA #CFCCC9 #CECBC8 #CDCAC7 #CCC9C6 #CBC8C5
#D7D4D2 #D6D3D1 #D5D2D0 #D4D1CF #D3D0CE #D2CFCD #D1CECC #D0CDCB #CFCCCA #CECBC9 #CDCAC8 #CCC9C7 #CBC8C6 #CAC7C5 #C9C6C4 #C8C5C3 #C7C4C2 #C6C3C1 #C5C2C0 #C4C1BF #C3C0BE #C2BFBD #C1BEBC #C0BDBB #BFBCBA #BEBBB9
#C6C4C3 #C5C3C2 #C4C2C1 #C3C1C0 #C2C0BF #C1BFBE #C0BEBD #BFBDBC #BEBCBB #BDBBBA #BCBAB9 #BBB9B8 #BAB8B7 #B9B7B6 #B8B6B5 #B7B5B4 #B6B4B3 #B5B3B2 #B4B2B1 #B3B1B0 #B2B0AF #B1AFAE #B0AEAD #AFADAC #AEACAB #ADABAA
#001933 #011A34 #011A34 #021B35 #031C36 #031C36 #041D37 #051E38 #051E38 #061F39 #07203A #07203A #08213B #09223C #09223C #0A233D #0B243E #0B243E #0C253F #0D2640 #0D2640 #0E2741 #0F2842 #0F2842 #102943 #112A44
#112A44 #122B45 #132C46 #132C46 #142D47 #152E48 #152E48 #162F49 #17304A #17304A #18314B #19324C #19324C #1A334D #1B344E #1B344E #1C354F #1D3650 #1D3650 #1E3751 #1F3852 #1F3852 #203953 #213A54 #213A54 #223B55
#233C56 #233C56 #243D57 #253E58 #253E58 #263F59 #27405A #27405A #28415B #29425C #29425C #2A435D #2B445E #2B445E #2C455F #2D4660 #2D4660 #2E4761 #2F4862 #2F4862 #304963 #314A64 #314A64 #324B65 #334C66 #334C66
#344D67 #354E68 #354E68 #364F69 #37506A #37506A #38516B #39526C #39526C #3A536D #3B546E #3B546E #3C556F #3D5670 #3D5670 #3E5771 #3F5872 #3F5872 #405973 #415A74 #415A74 #425B75 #435C76 #435C76 #445D77 #455E78
#EAE7E4 #E9E6E3 #E8E5E2 #E7E4E1 #E6E3E0 #E5E2DF #E4E1DE #E3E0DD #E2DFDC #E1DEDB #E0DDDA #DFDCD9 #DEDBD8 #DDDAD7 #DCD9D6 #DBD8D5 #DAD7D4 #D9D6D3 #D8D5D2 #D7D4D1 #D6D3D0 #D5D2CF #D4D1CE #D3D0CD #D2CFCC #D1CECB
#E0DDDB #DFDCDA #DEDBD9 #DDDAD8 #DCD9D7 #DBD8D6 #DAD7D5 #D9D6D4 #D8D5D3 #D7D4D2 #D6D3D1 #D5D2D0 #D4D1CF #D3D0CE #D2CFCD #D1CECC #D0CDCB #CFCCCA #CECBC9 #CDCAC8 #CCC9C7 #CBC8C6 #CAC7C5 #C9C6C4 #C8C5C3 #C7C4C2
#CCCAC9 #CBC9C8 #CAC8C7 #C9C7C6 #C8C6C5 #C7C5C4 #C6C4C3 #C5C3C2 #C4C2C1 #C3C1C0 #C2C0BF #C1BFBE #C0BEBD #BFBDBC #BEBCBB #BDBBBA #BCBAB9 #BBB9B8 #BAB8B7 #B9B7B6 #B8B6B5 #B7B5B4 #B6B4B3 #B5B3B2 #B4B2B1 #B3B1B0
#0A243D #0B243E #0C253E #0C253F #0D263F #0D2640 #0E2740 #0E2741 #0F2841 #0F2842 #102942 #102943 #112A43 #112A44 #122B44 #122B45 #132C45 #132C46 #142D46 #142D47 #152E47 #152E48 #162F48 #162F49 #173049 #17304A
#18314A #18314B #19324B #19324C #1A334C #1A334D #1B344D #1B344E #1C354E #1C354F #1D364F #1D3650 #1E3750 #1E3751 #1F3851 #1F3852 #203952 #203953 #213A53 #213A54 #223B54 #223B55 #233C55 #233C56 #243D56 #243D57
#253E57 #253E58 #263F58 #263F59 #274059 #27405A #28415A #28415B #29425B #29425C #2A435C #2A435D #2B445D #2B445E #2C455E #2C455F #2D465F #2D4660 #2E4760 #2E4761 #2F4861 #2F4862 #304962 #304963 #314A63 #314A64
#324B64 #324B65 #334C65 #334C66 #344D66 #344D67 #354E67 #354E68 #364F68 #364F69 #375069 #37506A #38516A #38516B #39526B #39526C #3A536C #3A536D #3B546D #3B546E #3C556E #3C556F #3D566F #3D5670 #3E5770 #3E5771
#E5E2DF #E4E1DE #E3E0DD #E2DFDC #E1DEDB #E0DDDA #DFDCD9 #DEDBD8 #DDDAD7 #DCD9D6 #DBD8D5 #DAD7D4 #D9D6D3 #D8D5D2 #D7D4D1 #D6D3D0 #D5D2CF #D4D1CE #D3D0CD #D2CFCC #D1CECB #D0CDCA #CFCCC9 #CECBC8 #CDCAC7 #CCC9C6
#D9D6D4 #D8D5D3 #D7D4D2 #D6D3D1 #D5D2D0 #D4D1CF #D3D0CE #D2CFCD #D1CECC #D0CDCB #CFCCCA #CECBC9 #CDCAC8 #CCC9C7 #CBC8C6 #CAC7C5 #C9C6C4 #C8C5C3 #C7C4C2 #C6C3C1 #C5C2C0 #C4C1BF #C3C0BE #C2BFBD #C1BEBC #C0BDBB
#C8C6C5 #C7C5C4 #C6C4C3 #C5C3C2 #C4C2C1 #C3C1C0 #C2C0BF #C1BFBE #C0BEBD #BFBDBC #BEBCBB #BDBBBA #BCBAB9 #BBB9B8 #BAB8B7 #B9B7B6 #B8B6B5 #B7B5B4 #B6B4B3 #B5B3B2 #B4B2B1 #B3B1B0 #B2B0AF #B1AFAE #B0AEAD #AFADAC
#0B243D #0C243E #0C253F #0D263F #0D2640 #0E2741 #0F2741 #0F2842 #102843 #102943 #112A44 #122A44 #122B45 #132B46 #132C46 #142D47 #152D47 #152E48 #162E49 #162F49 #17304A #18304A #18314B #19314C #19324C #1A334D
#1B334D #1B344E #1C344F #1C354F #1D3650 #1E3650 #1E3751 #1F3752 #1F3852 #203953 #213953 #213A54 #223A55 #223B55 #233C56 #243C56 #243D57 #253D58 #253E58 #263F59 #273F59 #27405A #28405B #28415B #29425C #2A425C
#2A435D #2B435E #2B445E #2C455F #2D455F #2D4660 #2E4661 #2E4761 #2F4862 #304862 #304963 #314964 #314A64 #324B65 #334B65 #334C66 #344C67 #344D67 #354E68 #364E68 #364F69 #374F6A #37506A #38516B #39516B #39526C
#3A526D #3A536D #3B546E #3C546E #3C556F #3D5570 #3D5670 #3E5771 #3F5771 #3F5872 #405873 #405973 #415A74 #425A74 #425B75 #435B76 #435C76 #445D77 #455D77 #455E78 #465E79 #465F79 #47607A #48607A #48617B #49617C
#EBE8E5 #EAE7E4 #E9E6E3 #E8E5E2 #E7E4E1 #E6E3E0 #E5E2DF #E4E1DE #E3E0DD #E2DFDC #E1DEDB #E0DDDA #DFDCD9 #DEDBD8 #DDDAD7 #DCD9D6 #DBD8D5 #DAD7D4 #D9D6D3 #D8D5D2 #D7D4D1 #D6D3D0 #D5D2CF #D4D1CE #D3D0CD #D2CFCC
#E2DFDD #E1DEDC #E0DDDB #DFDCDA #DEDBD9 #DDDAD8 #DCD9D7 #DBD8D6 #DAD7D5 #D9D6D4 #D8D5D3 #D7D4D2 #D6D3D1 #D5D2D0 #D4D1CF #D3D0CE #D2CFCD #D1CECC #D0CDCB #CFCCCA #CECBC9 #CDCAC8 #CCC9C7 #CBC8C6 #CAC7C5 #C9C6C4
#CECCCB #CDCBCA #CCCAC9 #CBC9C8 #CAC8C7 #C9C7C6 #C8C6C5 #C7C5C4 #C6C4C3 #C5C3C2 #C4C2C1 #C3C1C0 #C2C0BF #C1BFBE #C0BEBD #BFBDBC #BEBCBB #BDBBBA #BCBAB9 #BBB9B8 #BAB8B7 #B9B7B6 #B8B6B5 #B7B5B4 #B6B4B3 #B5B3B2
#0A223C #0B233C #0B233D #0C243E #0D253E #0D253F #0E2640 #0F2640 #0F2741 #102842 #112842 #112943 #122A44 #132A44 #132B45 #142C46 #152C46 #152D47 #162E48 #172E48 #172F49 #18304A #19304A #19314B #1A324C #1B324C
#1B334D #1C344E #1D344E #1D354F #1E3650 #1F3650 #1F3751 #203852 #213852 #213953 #223A54 #233A54 #233B55 #243C56 #253C56 #253D57 #263E58 #273E58 #273F59 #28405A #29405A #29415B #2A425C #2B425C #2B435D #2C445E
#2D445E #2D455F #2E4660 #2F4660 #2F4761 #304862 #314862 #314963 #324A64 #334A64 #334B65 #344C66 #354C66 #354D67 #364E68 #374E68 #374F69 #38506A #39506A #39516B #3A526C #3B526C #3B536D #3C546E #3D546E #3D556F
#3E5670 #3F5670 #3F5771 #405872 #415872 #415973 #425A74 #435A74 #435B75 #445C76 #455C76 #455D77 #465E78 #475E78 #475F79 #48607A #49607A #49617B #4A627C #4B627C #4B637D #4C647E #4D647E #4D657F #4E6680 #4F6680
#E6E3E0 #E5E2DF #E4E1DE #E3E0DD #E2DFDC #E1DEDB #E0DDDA #DFDCD9 #DEDBD8 #DDDAD7 #DCD9D6 #DBD8D5 #DAD7D4 #D9D6D3 #D8D5D2 #D7D4D1 #D6D3D0 #D5D2CF #D4D1CE #D3D0CD #D2CFCC #D1CECB #D0CDCA #CFCCC9 #CECBC8 #CDCAC7
#DBD8D6 #DAD7D5 #D9D6D4 #D8D5D3 #D7D4D2 #D6D3D1 #D5D2D0 #D4D1CF #D3D0CE #D2CFCD #D1CECC #D0CDCB #CFCCCA #CECBC9 #CDCAC8 #CCC9C7 #CBC8C6 #CAC7C5 #C9C6C4 #C8C5C3 #C7C4C2 #C6C3C1 #C5C2C0 #C4C1BF #C3C0BE #C2BFBD
#CAC8C7 #C9C7C6 #C8C6C5 #C7C5C4 #C6C4C3 #C5C3C2 #C4C2C1 #C3C1C0 #C2C0BF #C1BFBE #C0BEBD #BFBDBC #BEBCBB #BDBBBA #BCBAB9 #BBB9B8 #BAB8B7 #B9B7B6 #B8B6B5 #B7B5B4 #B6B4B3 #B5B3B2 #B4B2B1 #B3B1B0 #B2B0AF #B1AFAE
#09223B #0A223C #0A233C #0B243D #0C243E #0C253E #0D263F #0E2640 #0E2740 #0F2841 #102842 #102942 #112A43 #122A44 #122B44 #132C45 #142C46 #142D46 #152E47 #162E48 #162F48 #173049 #18304A #18314A #19324B #1A324C
#1A334C #1B344D #1C344E #1C354E #1D364F #1E3650 #1E3750 #1F3851 #203852 #203952 #213A53 #223A54 #223B54 #233C55 #243C56 #243D56 #253E57 #263E58 #263F58 #274059 #28405A #28415A #29425B #2A425C #2A435C #2B445D
#2C445E #2C455E #2D465F #2E4660 #2E4760 #2F4861 #304862 #304962 #314A63 #324A64 #324B64 #334C65 #344C66 #344D66 #354E67 #364E68 #364F68 #375069 #38506A #38516A #39526B #3A526C #3A536C #3B546D #3C546E #3C556E
#3D566F #3E5670 #3E5770 #3F5871 #405872 #405972 #415A73 #425A74 #425B74 #435C75 #445C76 #445D76 #455E77 #465E78 #465F78 #476079 #48607A #48617A #49627B #4A627C #4A637C #4B647D #4C647E #4C657E #4D667F #4E6680
#ECE9E6 #EBE8E5 #EAE7E4 #E9E6E3 #E8E5E2 #E7E4E1 #E6E3E0 #E5E2DF #E4E1DE #E3E0DD #E2DFDC #E1DEDB #E0DDDA #DFDCD9 #DEDBD8 #DDDAD7 #DCD9D6 #DBD8D5 #DAD7D4 #D9D6D3 #D8D5D2 #D7D4D1 #D6D3D0 #D5D2CF #D4D1CE #D3D0CD
